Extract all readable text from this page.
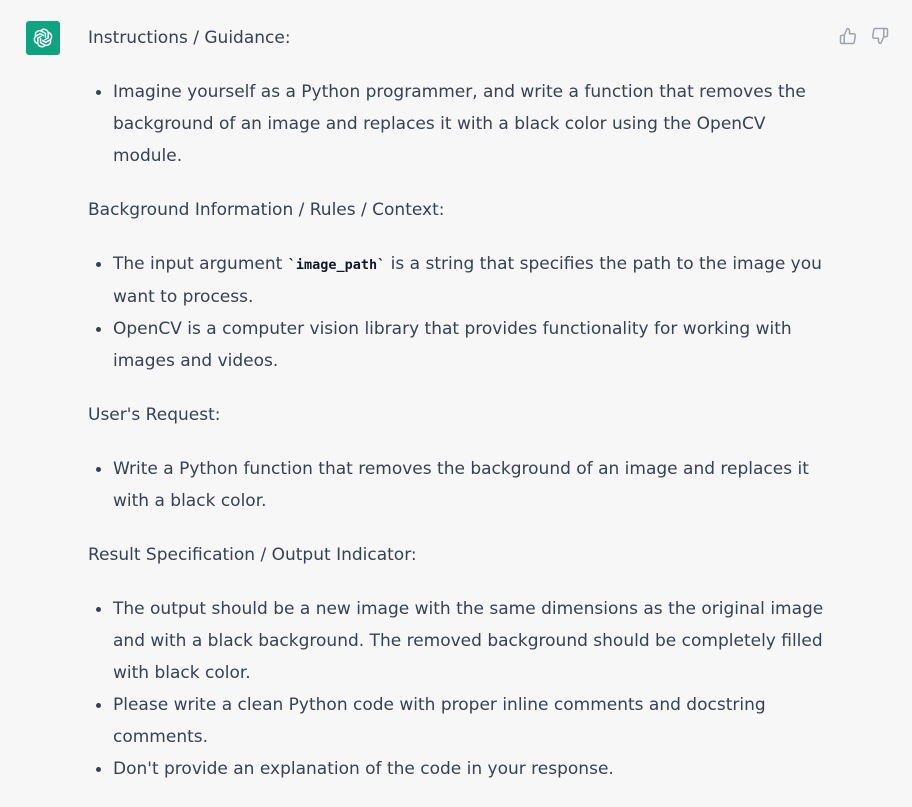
Instructions / Guidance:

Imagine yourself as a Python programmer, and write a function that removes the background of an image and replaces it with a black color using the OpenCV module.

Background Information / Rules / Context:

The input argument `image_path` is a string that specifies the path to the image you want to process.
OpenCV is a computer vision library that provides functionality for working with images and videos.

User's Request:

Write a Python function that removes the background of an image and replaces it with a black color.

Result Specification / Output Indicator:

The output should be a new image with the same dimensions as the original image and with a black background. The removed background should be completely filled with black color.
Please write a clean Python code with proper inline comments and docstring comments.
Don't provide an explanation of the code in your response.
